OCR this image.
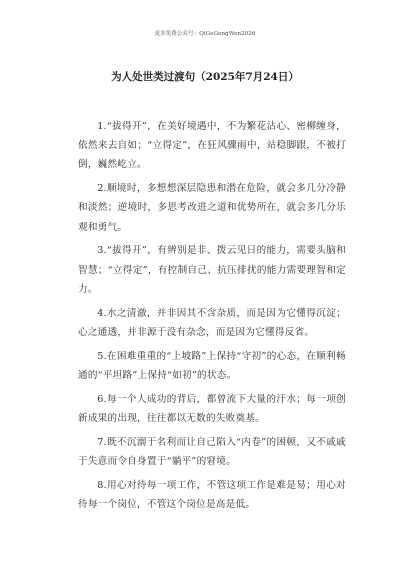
更多免费公众号：QiGeGongWen2026
为人处世类过渡句（2025年7月24日）

1.“拔得开”，在美好境遇中，不为繁花沾心、密柳缠身，依然来去自如；“立得定”，在狂风骤雨中，站稳脚跟，不被打倒，巍然屹立。

2.顺境时，多想想深层隐患和潜在危险，就会多几分冷静和淡然；逆境时，多思考改进之道和优势所在，就会多几分乐观和勇气。

3.“拔得开”，有辨别是非、拨云见日的能力，需要头脑和智慧；“立得定”，有控制自己、抗压排扰的能力需要理智和定力。

4.水之清澈，并非因其不含杂质，而是因为它懂得沉淀；心之通透，并非源于没有杂念，而是因为它懂得反省。

5.在困难重重的“上坡路”上保持“守初”的心态，在顺利畅通的“平坦路”上保持“如初”的状态。

6.每一个人成功的背后，都曾流下大量的汗水；每一项创新成果的出现，往往都以无数的失败奠基。

7.既不沉溺于名利而让自己陷入“内卷”的困顿，又不戚戚于失意而令自身置于“躺平”的窘境。

8.用心对待每一项工作，不管这项工作是难是易；用心对待每一个岗位，不管这个岗位是高是低。
